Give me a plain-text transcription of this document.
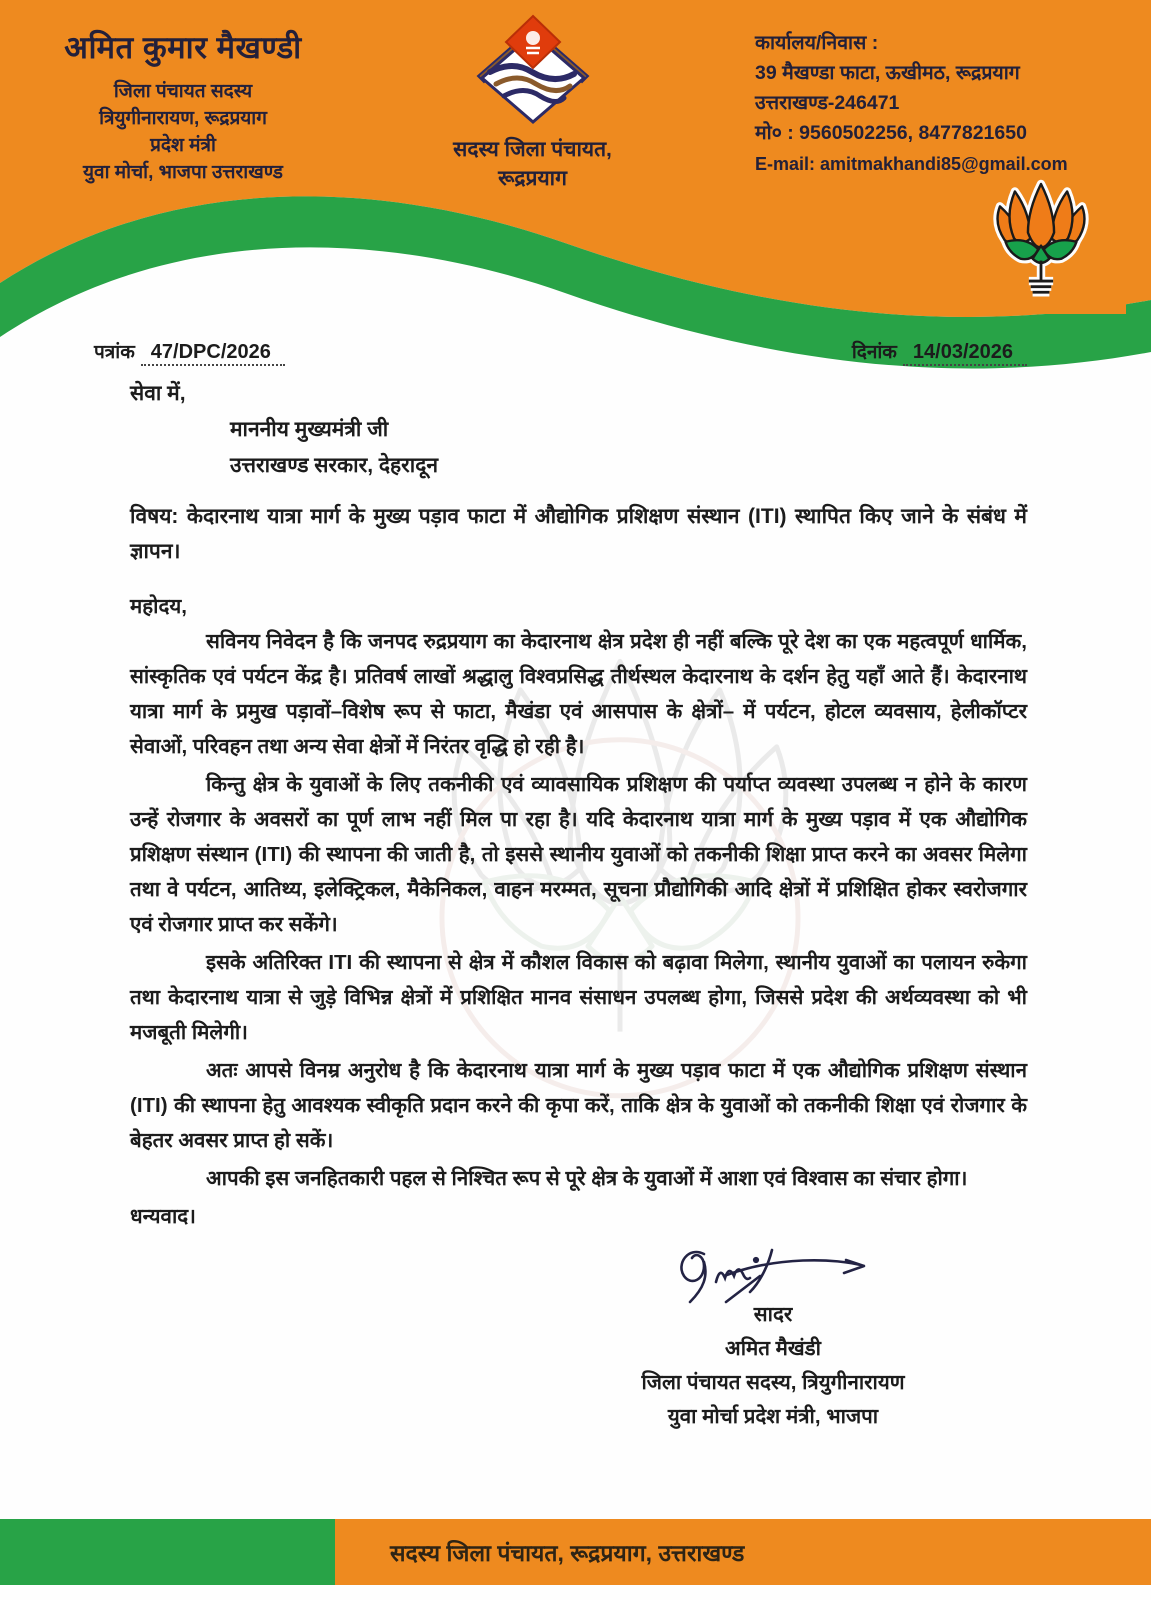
अमित कुमार मैखण्डी
जिला पंचायत सदस्य
त्रियुगीनारायण, रूद्रप्रयाग
प्रदेश मंत्री
युवा मोर्चा, भाजपा उत्तराखण्ड
सदस्य जिला पंचायत,
रूद्रप्रयाग
कार्यालय/निवास :
39 मैखण्डा फाटा, ऊखीमठ, रूद्रप्रयाग
उत्तराखण्ड-246471
मो० : 9560502256, 8477821650
E-mail: amitmakhandi85@gmail.com
पत्रांक 47/DPC/2026	दिनांक 14/03/2026
सेवा में,
माननीय मुख्यमंत्री जी
उत्तराखण्ड सरकार, देहरादून
विषय: केदारनाथ यात्रा मार्ग के मुख्य पड़ाव फाटा में औद्योगिक प्रशिक्षण संस्थान (ITI) स्थापित किए जाने के संबंध में ज्ञापन।
महोदय,

सविनय निवेदन है कि जनपद रुद्रप्रयाग का केदारनाथ क्षेत्र प्रदेश ही नहीं बल्कि पूरे देश का एक महत्वपूर्ण धार्मिक, सांस्कृतिक एवं पर्यटन केंद्र है। प्रतिवर्ष लाखों श्रद्धालु विश्वप्रसिद्ध तीर्थस्थल केदारनाथ के दर्शन हेतु यहाँ आते हैं। केदारनाथ यात्रा मार्ग के प्रमुख पड़ावों–विशेष रूप से फाटा, मैखंडा एवं आसपास के क्षेत्रों– में पर्यटन, होटल व्यवसाय, हेलीकॉप्टर सेवाओं, परिवहन तथा अन्य सेवा क्षेत्रों में निरंतर वृद्धि हो रही है।

किन्तु क्षेत्र के युवाओं के लिए तकनीकी एवं व्यावसायिक प्रशिक्षण की पर्याप्त व्यवस्था उपलब्ध न होने के कारण उन्हें रोजगार के अवसरों का पूर्ण लाभ नहीं मिल पा रहा है। यदि केदारनाथ यात्रा मार्ग के मुख्य पड़ाव में एक औद्योगिक प्रशिक्षण संस्थान (ITI) की स्थापना की जाती है, तो इससे स्थानीय युवाओं को तकनीकी शिक्षा प्राप्त करने का अवसर मिलेगा तथा वे पर्यटन, आतिथ्य, इलेक्ट्रिकल, मैकेनिकल, वाहन मरम्मत, सूचना प्रौद्योगिकी आदि क्षेत्रों में प्रशिक्षित होकर स्वरोजगार एवं रोजगार प्राप्त कर सकेंगे।

इसके अतिरिक्त ITI की स्थापना से क्षेत्र में कौशल विकास को बढ़ावा मिलेगा, स्थानीय युवाओं का पलायन रुकेगा तथा केदारनाथ यात्रा से जुड़े विभिन्न क्षेत्रों में प्रशिक्षित मानव संसाधन उपलब्ध होगा, जिससे प्रदेश की अर्थव्यवस्था को भी मजबूती मिलेगी।

अतः आपसे विनम्र अनुरोध है कि केदारनाथ यात्रा मार्ग के मुख्य पड़ाव फाटा में एक औद्योगिक प्रशिक्षण संस्थान (ITI) की स्थापना हेतु आवश्यक स्वीकृति प्रदान करने की कृपा करें, ताकि क्षेत्र के युवाओं को तकनीकी शिक्षा एवं रोजगार के बेहतर अवसर प्राप्त हो सकें।

आपकी इस जनहितकारी पहल से निश्चित रूप से पूरे क्षेत्र के युवाओं में आशा एवं विश्वास का संचार होगा।

धन्यवाद।
सादर
अमित मैखंडी
जिला पंचायत सदस्य, त्रियुगीनारायण
युवा मोर्चा प्रदेश मंत्री, भाजपा
सदस्य जिला पंचायत, रूद्रप्रयाग, उत्तराखण्ड
